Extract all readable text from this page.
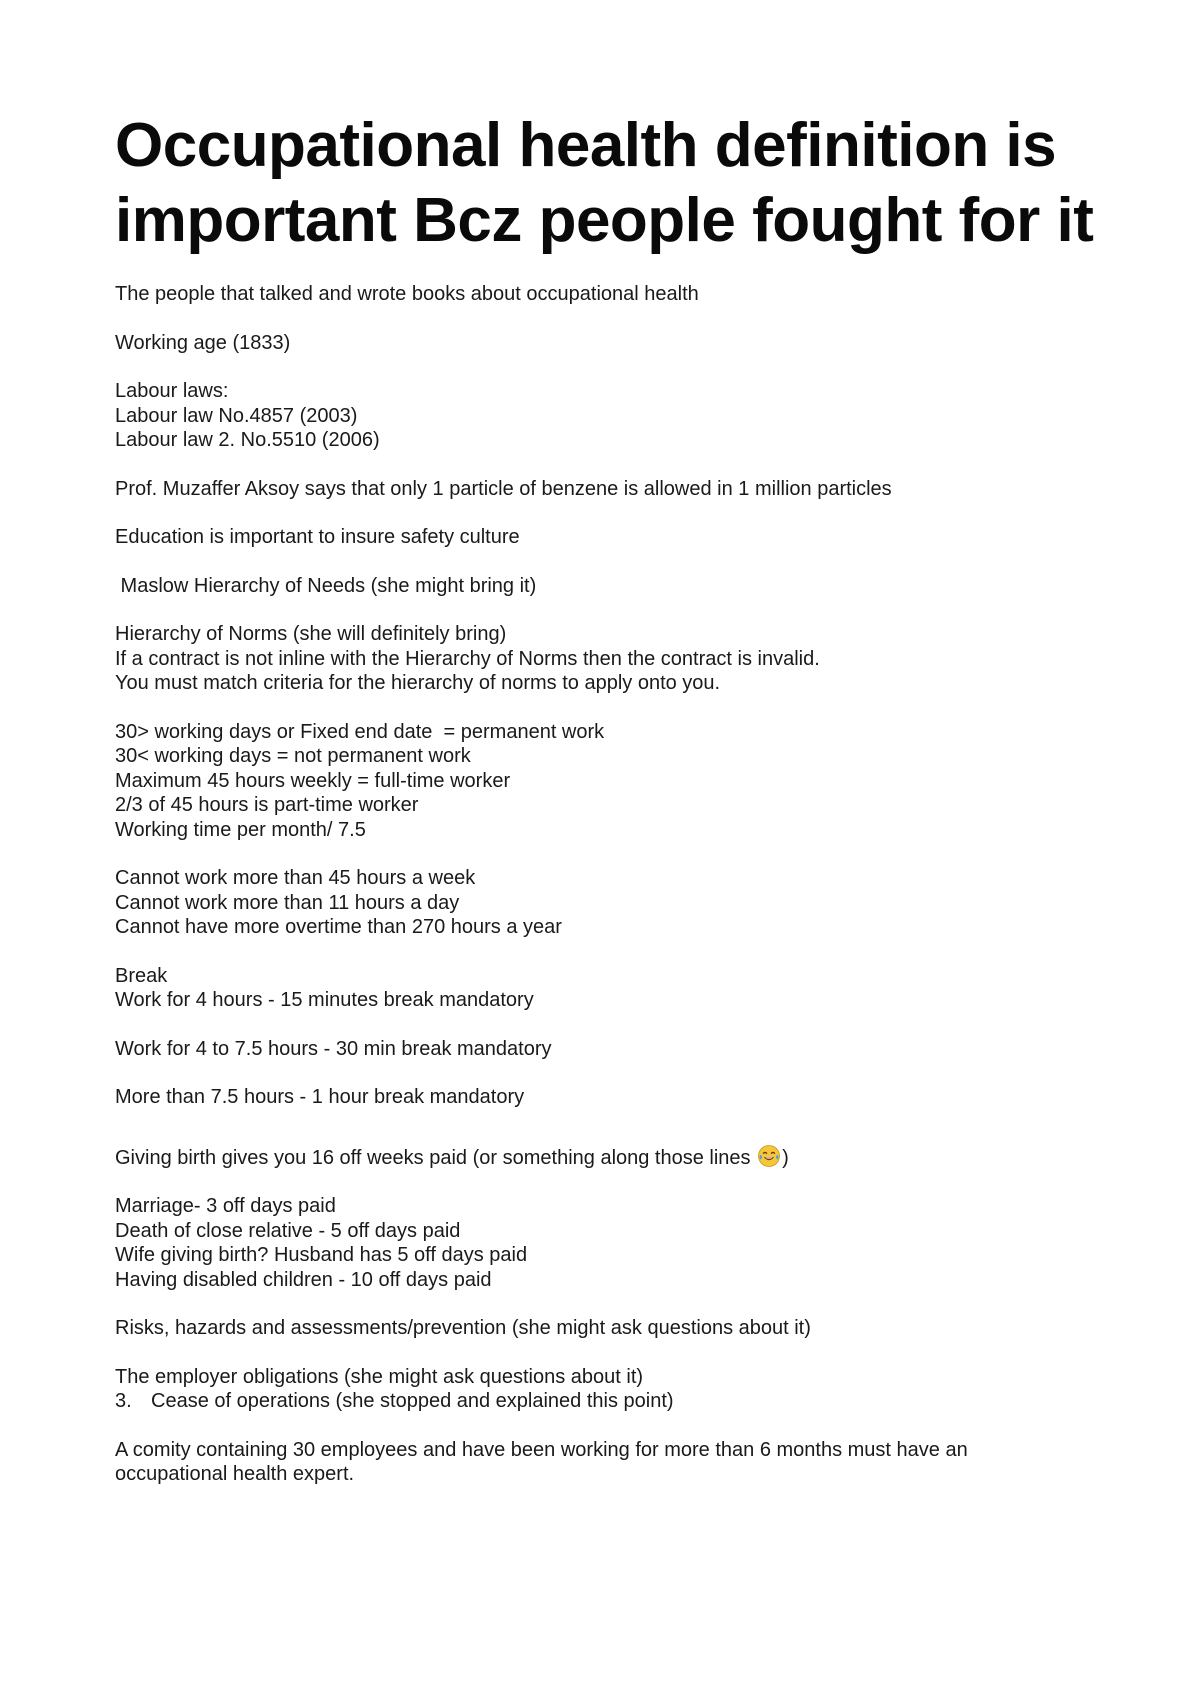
Occupational health definition is important Bcz people fought for it

The people that talked and wrote books about occupational health

Working age (1833)

Labour laws:
Labour law No.4857 (2003)
Labour law 2. No.5510 (2006)

Prof. Muzaffer Aksoy says that only 1 particle of benzene is allowed in 1 million particles

Education is important to insure safety culture

Maslow Hierarchy of Needs (she might bring it)

Hierarchy of Norms (she will definitely bring)
If a contract is not inline with the Hierarchy of Norms then the contract is invalid.
You must match criteria for the hierarchy of norms to apply onto you.

30> working days or Fixed end date  = permanent work
30< working days = not permanent work
Maximum 45 hours weekly = full-time worker
2/3 of 45 hours is part-time worker
Working time per month/ 7.5

Cannot work more than 45 hours a week
Cannot work more than 11 hours a day
Cannot have more overtime than 270 hours a year

Break
Work for 4 hours - 15 minutes break mandatory

Work for 4 to 7.5 hours - 30 min break mandatory

More than 7.5 hours - 1 hour break mandatory

Giving birth gives you 16 off weeks paid (or something along those lines
)

Marriage- 3 off days paid
Death of close relative - 5 off days paid
Wife giving birth? Husband has 5 off days paid
Having disabled children - 10 off days paid

Risks, hazards and assessments/prevention (she might ask questions about it)

The employer obligations (she might ask questions about it)
3. Cease of operations (she stopped and explained this point)

A comity containing 30 employees and have been working for more than 6 months must have an
occupational health expert.
